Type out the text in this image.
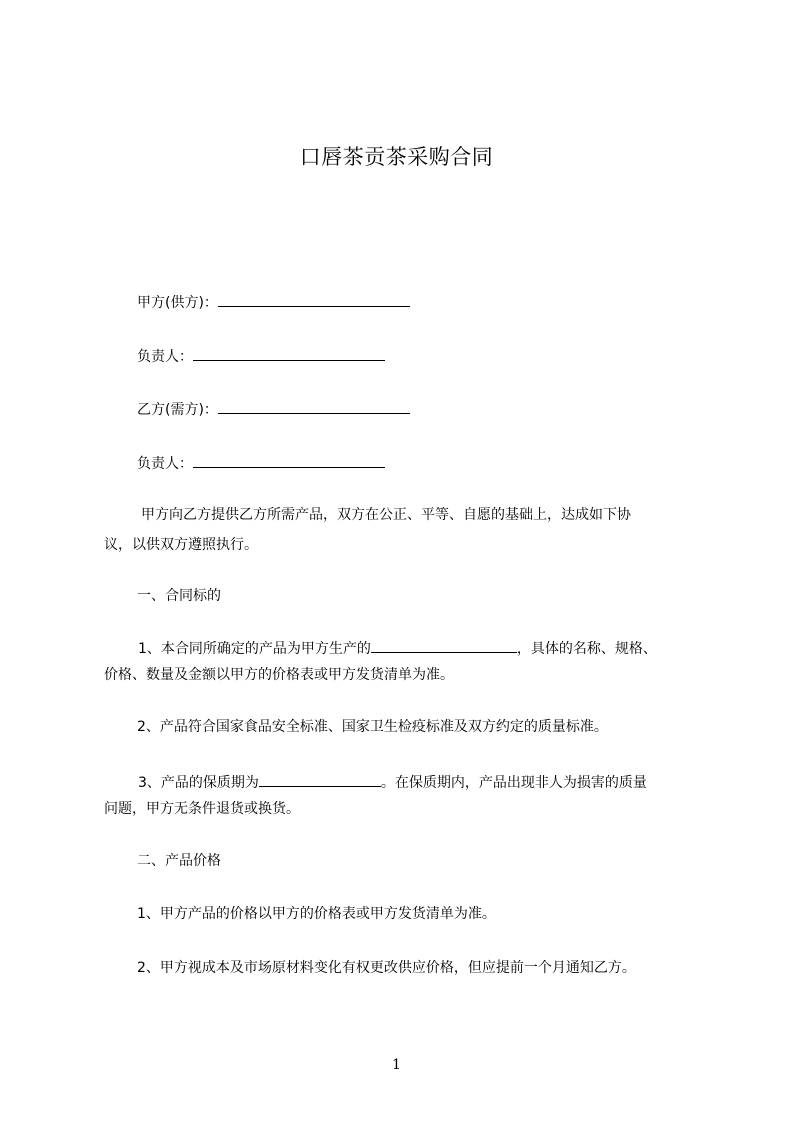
口唇茶贡茶采购合同
甲方(供方)：
负责人：
乙方(需方)：
负责人：
甲方向乙方提供乙方所需产品，双方在公正、平等、自愿的基础上，达成如下协
议，以供双方遵照执行。
一、合同标的
1、本合同所确定的产品为甲方生产的	，具体的名称、规格、
价格、数量及金额以甲方的价格表或甲方发货清单为准。
2、产品符合国家食品安全标准、国家卫生检疫标准及双方约定的质量标准。
3、产品的保质期为	。在保质期内，产品出现非人为损害的质量
问题，甲方无条件退货或换货。
二、产品价格
1、甲方产品的价格以甲方的价格表或甲方发货清单为准。
2、甲方视成本及市场原材料变化有权更改供应价格，但应提前一个月通知乙方。
1
